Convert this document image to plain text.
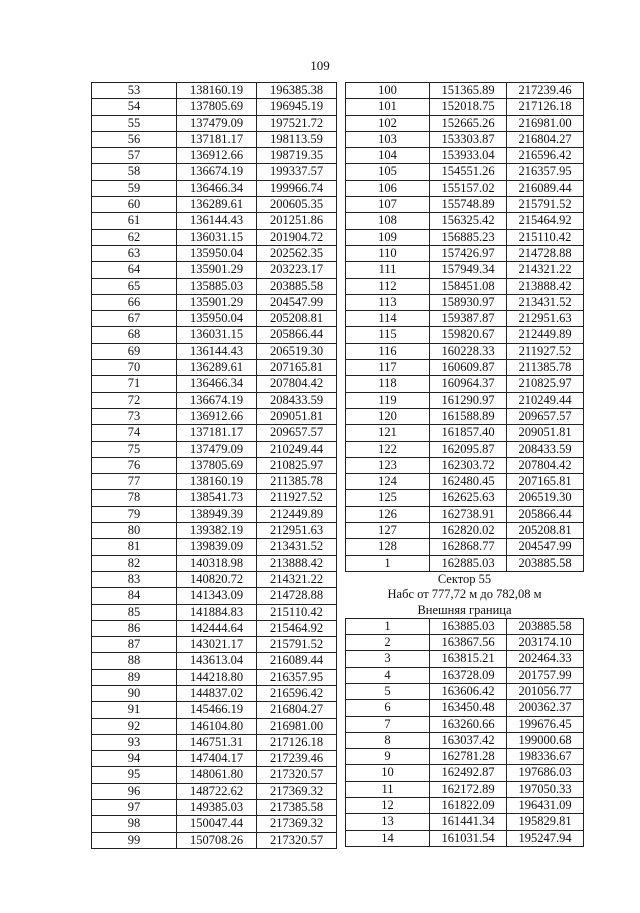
109
53	138160.19	196385.38
54	137805.69	196945.19
55	137479.09	197521.72
56	137181.17	198113.59
57	136912.66	198719.35
58	136674.19	199337.57
59	136466.34	199966.74
60	136289.61	200605.35
61	136144.43	201251.86
62	136031.15	201904.72
63	135950.04	202562.35
64	135901.29	203223.17
65	135885.03	203885.58
66	135901.29	204547.99
67	135950.04	205208.81
68	136031.15	205866.44
69	136144.43	206519.30
70	136289.61	207165.81
71	136466.34	207804.42
72	136674.19	208433.59
73	136912.66	209051.81
74	137181.17	209657.57
75	137479.09	210249.44
76	137805.69	210825.97
77	138160.19	211385.78
78	138541.73	211927.52
79	138949.39	212449.89
80	139382.19	212951.63
81	139839.09	213431.52
82	140318.98	213888.42
83	140820.72	214321.22
84	141343.09	214728.88
85	141884.83	215110.42
86	142444.64	215464.92
87	143021.17	215791.52
88	143613.04	216089.44
89	144218.80	216357.95
90	144837.02	216596.42
91	145466.19	216804.27
92	146104.80	216981.00
93	146751.31	217126.18
94	147404.17	217239.46
95	148061.80	217320.57
96	148722.62	217369.32
97	149385.03	217385.58
98	150047.44	217369.32
99	150708.26	217320.57
100	151365.89	217239.46
101	152018.75	217126.18
102	152665.26	216981.00
103	153303.87	216804.27
104	153933.04	216596.42
105	154551.26	216357.95
106	155157.02	216089.44
107	155748.89	215791.52
108	156325.42	215464.92
109	156885.23	215110.42
110	157426.97	214728.88
111	157949.34	214321.22
112	158451.08	213888.42
113	158930.97	213431.52
114	159387.87	212951.63
115	159820.67	212449.89
116	160228.33	211927.52
117	160609.87	211385.78
118	160964.37	210825.97
119	161290.97	210249.44
120	161588.89	209657.57
121	161857.40	209051.81
122	162095.87	208433.59
123	162303.72	207804.42
124	162480.45	207165.81
125	162625.63	206519.30
126	162738.91	205866.44
127	162820.02	205208.81
128	162868.77	204547.99
1	162885.03	203885.58
Сектор 55		
Набс от 777,72 м до 782,08 м		
Внешняя граница		
1	163885.03	203885.58
2	163867.56	203174.10
3	163815.21	202464.33
4	163728.09	201757.99
5	163606.42	201056.77
6	163450.48	200362.37
7	163260.66	199676.45
8	163037.42	199000.68
9	162781.28	198336.67
10	162492.87	197686.03
11	162172.89	197050.33
12	161822.09	196431.09
13	161441.34	195829.81
14	161031.54	195247.94
